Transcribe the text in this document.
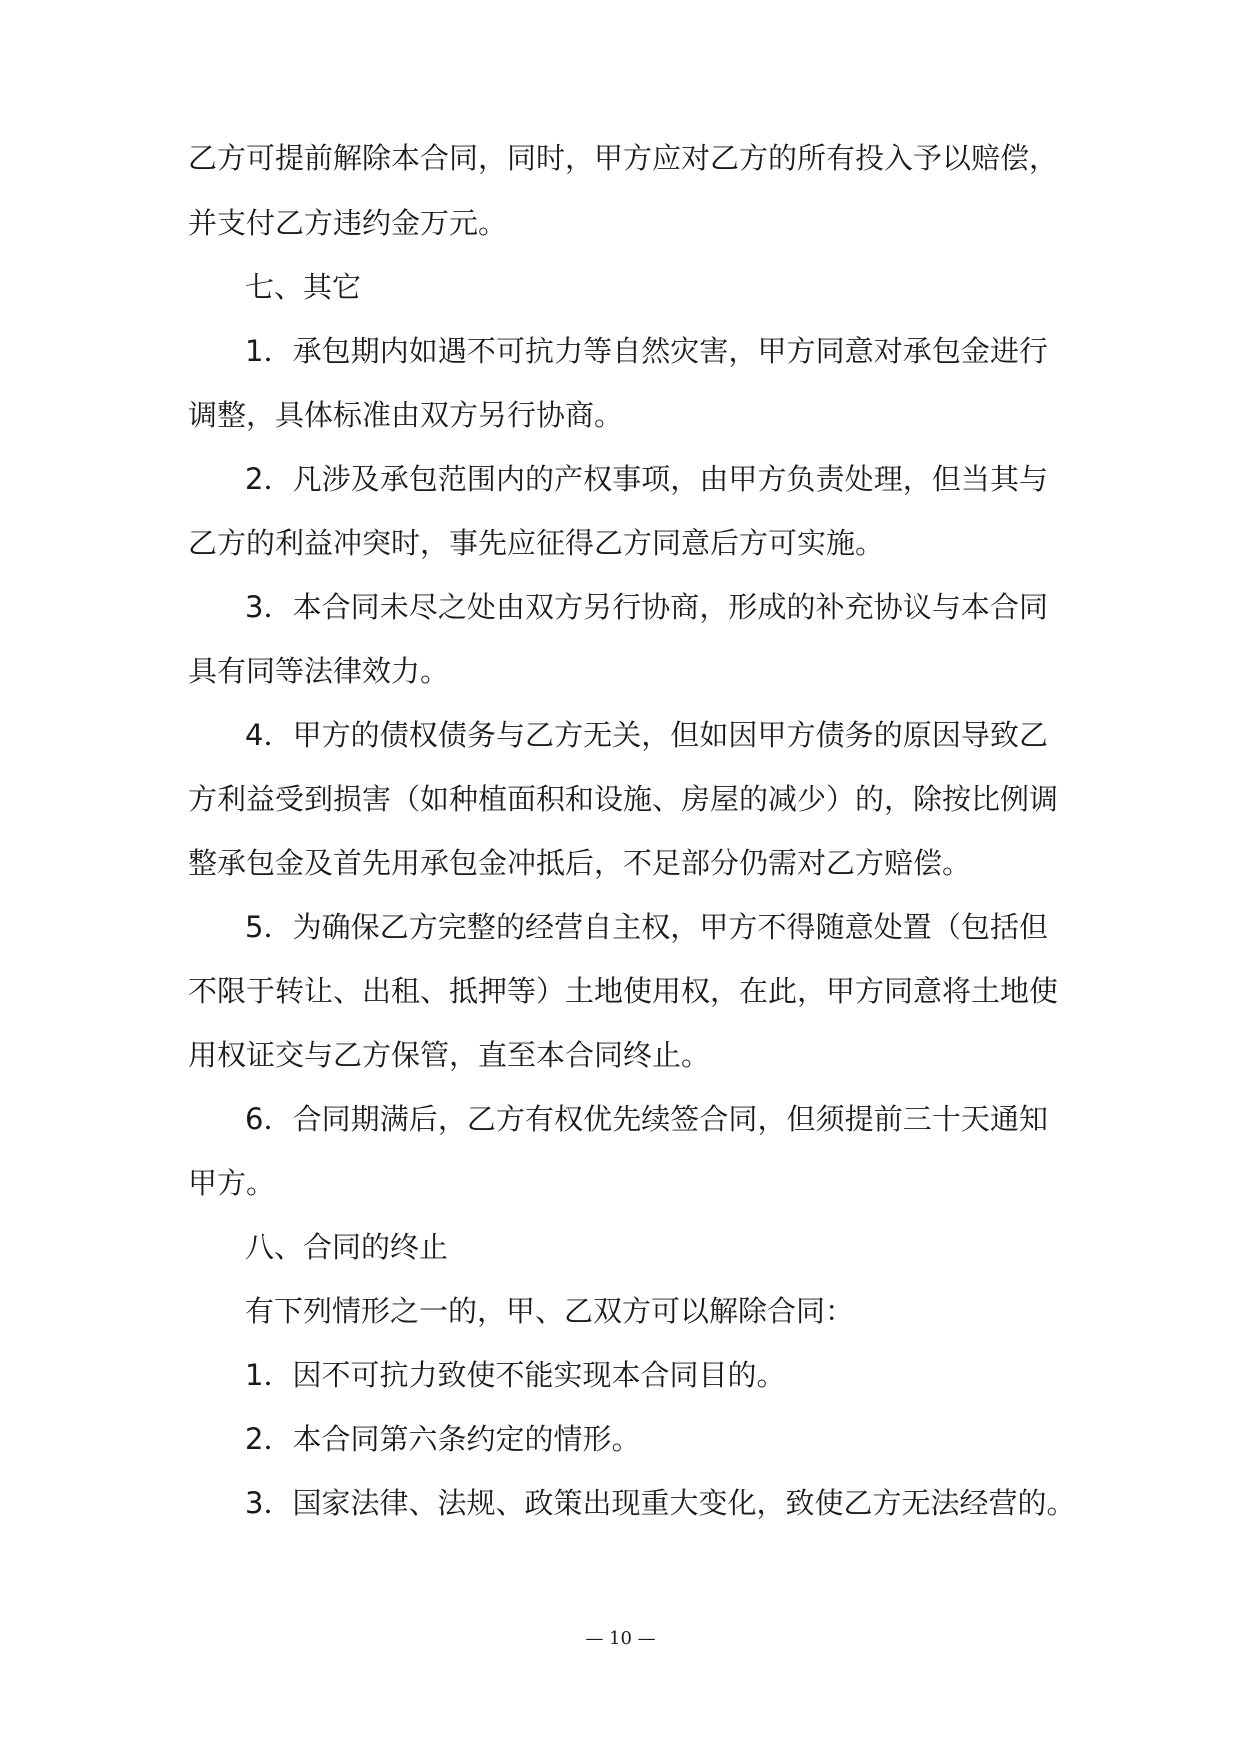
乙方可提前解除本合同，同时，甲方应对乙方的所有投入予以赔偿，
并支付乙方违约金万元。
七、其它
1．承包期内如遇不可抗力等自然灾害，甲方同意对承包金进行
调整，具体标准由双方另行协商。
2．凡涉及承包范围内的产权事项，由甲方负责处理，但当其与
乙方的利益冲突时，事先应征得乙方同意后方可实施。
3．本合同未尽之处由双方另行协商，形成的补充协议与本合同
具有同等法律效力。
4．甲方的债权债务与乙方无关，但如因甲方债务的原因导致乙
方利益受到损害（如种植面积和设施、房屋的减少）的，除按比例调
整承包金及首先用承包金冲抵后，不足部分仍需对乙方赔偿。
5．为确保乙方完整的经营自主权，甲方不得随意处置（包括但
不限于转让、出租、抵押等）土地使用权，在此，甲方同意将土地使
用权证交与乙方保管，直至本合同终止。
6．合同期满后，乙方有权优先续签合同，但须提前三十天通知
甲方。
八、合同的终止
有下列情形之一的，甲、乙双方可以解除合同：
1．因不可抗力致使不能实现本合同目的。
2．本合同第六条约定的情形。
3．国家法律、法规、政策出现重大变化，致使乙方无法经营的。
— 10 —
